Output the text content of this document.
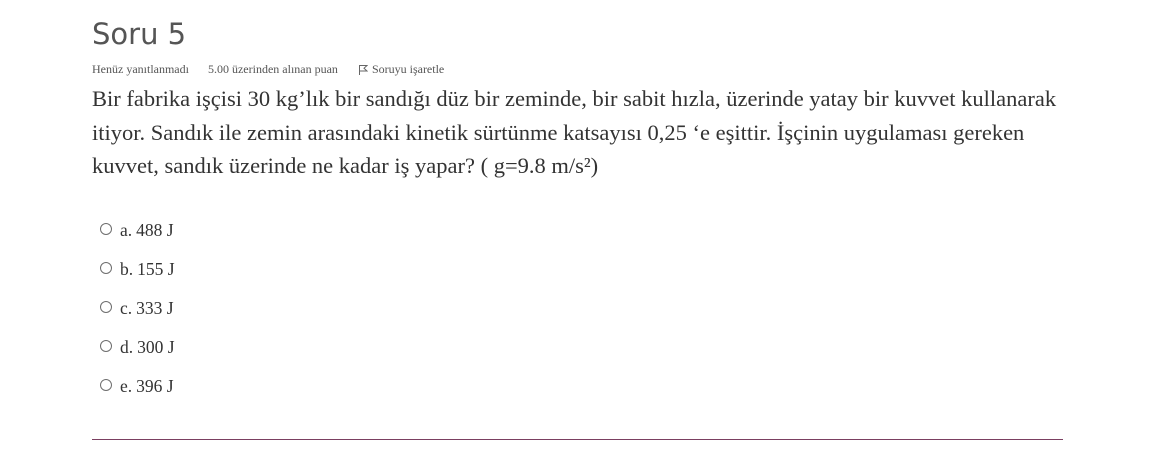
Soru 5
Henüz yanıtlanmadı 5.00 üzerinden alınan puan	Soruyu işaretle

Bir fabrika işçisi 30 kg’lık bir sandığı düz bir zeminde, bir sabit hızla, üzerinde yatay bir kuvvet kullanarak itiyor. Sandık ile zemin arasındaki kinetik sürtünme katsayısı 0,25 ‘e eşittir. İşçinin uygulaması gereken kuvvet, sandık üzerinde ne kadar iş yapar? ( g=9.8 m/s²)

a. 488 J
b. 155 J
c. 333 J
d. 300 J
e. 396 J
